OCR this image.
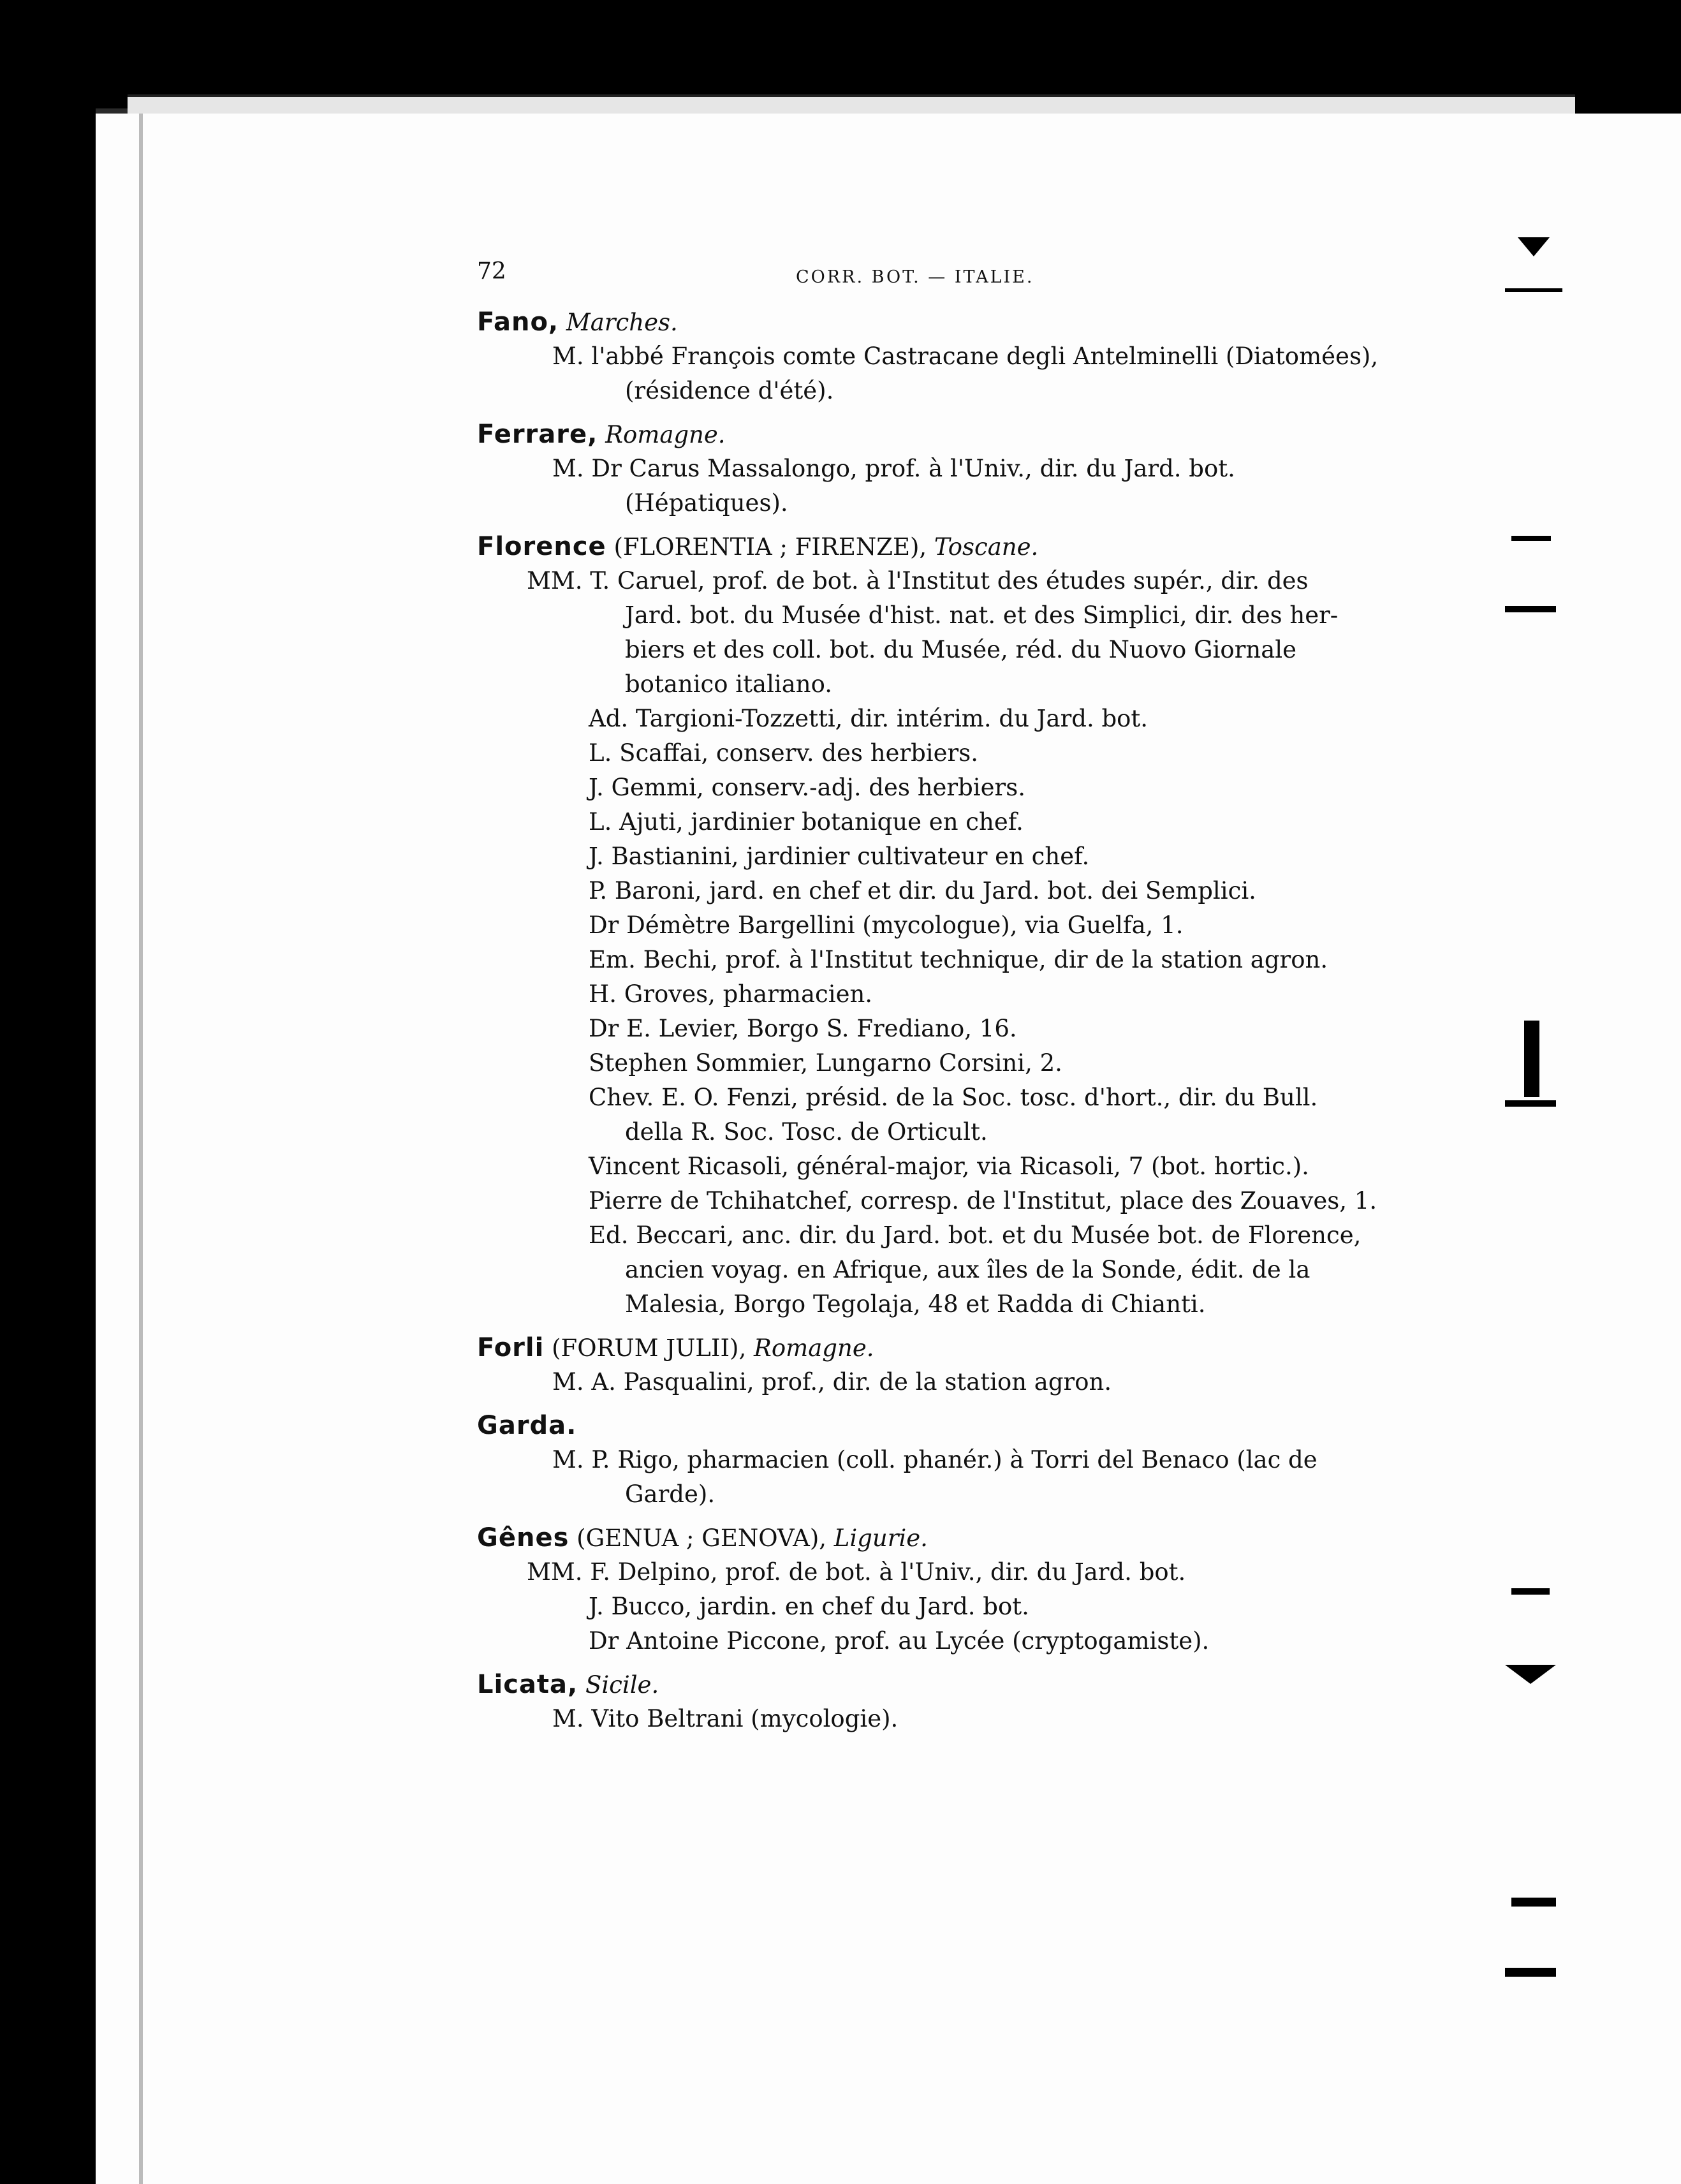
72	CORR. BOT. — ITALIE.
Fano, Marches.
M. l'abbé François comte Castracane degli Antelminelli (Diatomées),
(résidence d'été).
Ferrare, Romagne.
M. Dr Carus Massalongo, prof. à l'Univ., dir. du Jard. bot.
(Hépatiques).
Florence (FLORENTIA ; FIRENZE), Toscane.
MM. T. Caruel, prof. de bot. à l'Institut des études supér., dir. des
Jard. bot. du Musée d'hist. nat. et des Simplici, dir. des her-
biers et des coll. bot. du Musée, réd. du Nuovo Giornale
botanico italiano.
Ad. Targioni-Tozzetti, dir. intérim. du Jard. bot.
L. Scaffai, conserv. des herbiers.
J. Gemmi, conserv.-adj. des herbiers.
L. Ajuti, jardinier botanique en chef.
J. Bastianini, jardinier cultivateur en chef.
P. Baroni, jard. en chef et dir. du Jard. bot. dei Semplici.
Dr Démètre Bargellini (mycologue), via Guelfa, 1.
Em. Bechi, prof. à l'Institut technique, dir de la station agron.
H. Groves, pharmacien.
Dr E. Levier, Borgo S. Frediano, 16.
Stephen Sommier, Lungarno Corsini, 2.
Chev. E. O. Fenzi, présid. de la Soc. tosc. d'hort., dir. du Bull.
della R. Soc. Tosc. de Orticult.
Vincent Ricasoli, général-major, via Ricasoli, 7 (bot. hortic.).
Pierre de Tchihatchef, corresp. de l'Institut, place des Zouaves, 1.
Ed. Beccari, anc. dir. du Jard. bot. et du Musée bot. de Florence,
ancien voyag. en Afrique, aux îles de la Sonde, édit. de la
Malesia, Borgo Tegolaja, 48 et Radda di Chianti.
Forli (FORUM JULII), Romagne.
M. A. Pasqualini, prof., dir. de la station agron.
Garda.
M. P. Rigo, pharmacien (coll. phanér.) à Torri del Benaco (lac de
Garde).
Gênes (GENUA ; GENOVA), Ligurie.
MM. F. Delpino, prof. de bot. à l'Univ., dir. du Jard. bot.
J. Bucco, jardin. en chef du Jard. bot.
Dr Antoine Piccone, prof. au Lycée (cryptogamiste).
Licata, Sicile.
M. Vito Beltrani (mycologie).
